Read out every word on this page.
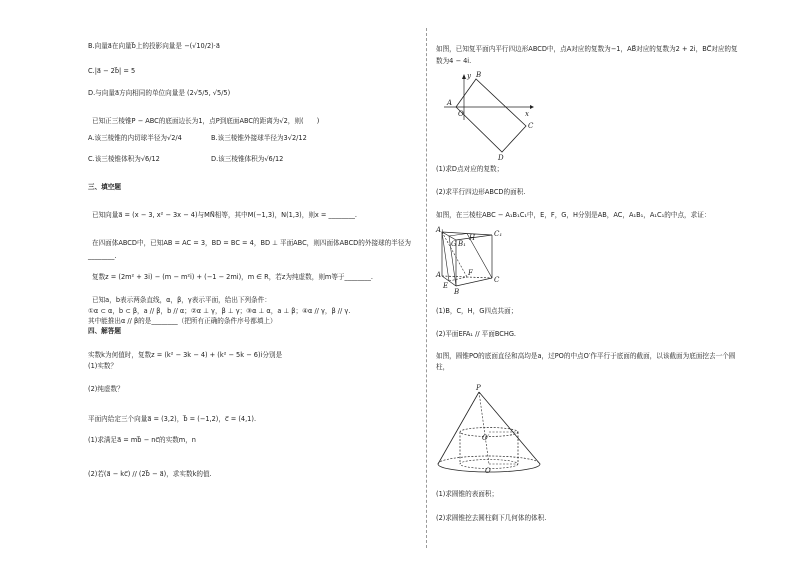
B.向量a⃗在向量b⃗上的投影向量是 −(√10/2)·a⃗
C.|a⃗ − 2b⃗| = 5
D.与向量a⃗方向相同的单位向量是 (2√5/5, √5/5)
已知正三棱锥P − ABC的底面边长为1，点P到底面ABC的距离为√2，则(　　)
A.该三棱锥的内切球半径为√2/4	B.该三棱锥外接球半径为3√2/12
C.该三棱锥体积为√6/12	D.该三棱锥体积为√6/12
三、填空题
已知向量a⃗ = (x − 3, x² − 3x − 4)与MN⃗相等，其中M(−1,3)，N(1,3)，则x = ________.
在四面体ABCD中，已知AB = AC = 3，BD = BC = 4，BD ⊥ 平面ABC，则四面体ABCD的外接球的半径为
________.
复数z = (2m² + 3i) − (m − m²i) + (−1 − 2mi)，m ∈ R，若z为纯虚数，则m等于________.
已知a，b表示两条直线，α，β，γ表示平面，给出下列条件：
①α ⊂ α，b ⊂ β，a // β，b // α；②α ⊥ γ，β ⊥ γ；③α ⊥ α，a ⊥ β；④α // γ，β // γ.
其中能推出α // β的是________（把所有正确的条件序号都填上）
四、解答题
实数k为何值时，复数z = (k² − 3k − 4) + (k² − 5k − 6)i分别是
(1)实数？
(2)纯虚数？
平面内给定三个向量a⃗ = (3,2)，b⃗ = (−1,2)，c⃗ = (4,1).
(1)求满足a⃗ = mb⃗ − nc⃗的实数m，n
(2)若(a⃗ − kc⃗) // (2b⃗ − a⃗)，求实数k的值.
如图，已知复平面内平行四边形ABCD中，点A对应的复数为−1，AB⃗对应的复数为2 + 2i，BC⃗对应的复
数为4 − 4i.
B
A
O
C
D
x
y
(1)求D点对应的复数；
(2)求平行四边形ABCD的面积.
如图，在三棱柱ABC − A₁B₁C₁中，E，F，G，H分别是AB，AC，A₁B₁，A₁C₁的中点，求证：
A₁	C₁
B₁
G
H
A
C
F
E
B
(1)B，C，H，G四点共面；
(2)平面EFA₁ // 平面BCHG.
如图，圆锥PO的底面直径和高均是a，过PO的中点O′作平行于底面的截面，以该截面为底面挖去一个圆
柱，
P
O′
O
(1)求圆锥的表面积；
(2)求圆锥挖去圆柱剩下几何体的体积.
